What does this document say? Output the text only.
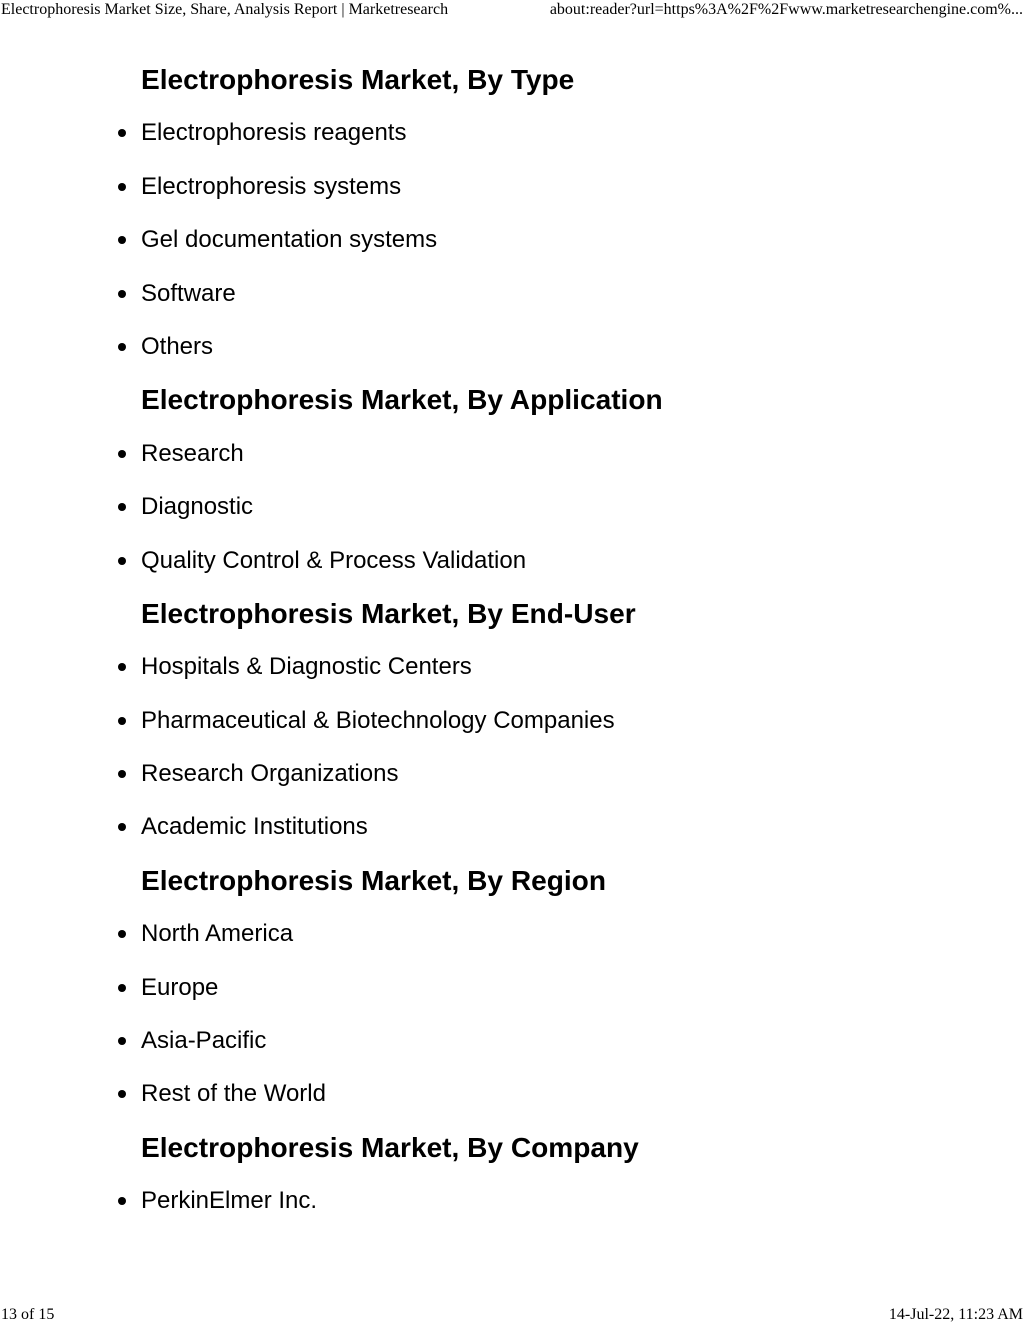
Electrophoresis Market Size, Share, Analysis Report | Marketresearch	about:reader?url=https%3A%2F%2Fwww.marketresearchengine.com%...
Electrophoresis Market, By Type
Electrophoresis reagents
Electrophoresis systems
Gel documentation systems
Software
Others
Electrophoresis Market, By Application
Research
Diagnostic
Quality Control & Process Validation
Electrophoresis Market, By End-User
Hospitals & Diagnostic Centers
Pharmaceutical & Biotechnology Companies
Research Organizations
Academic Institutions
Electrophoresis Market, By Region
North America
Europe
Asia-Pacific
Rest of the World
Electrophoresis Market, By Company
PerkinElmer Inc.
13 of 15	14-Jul-22, 11:23 AM
